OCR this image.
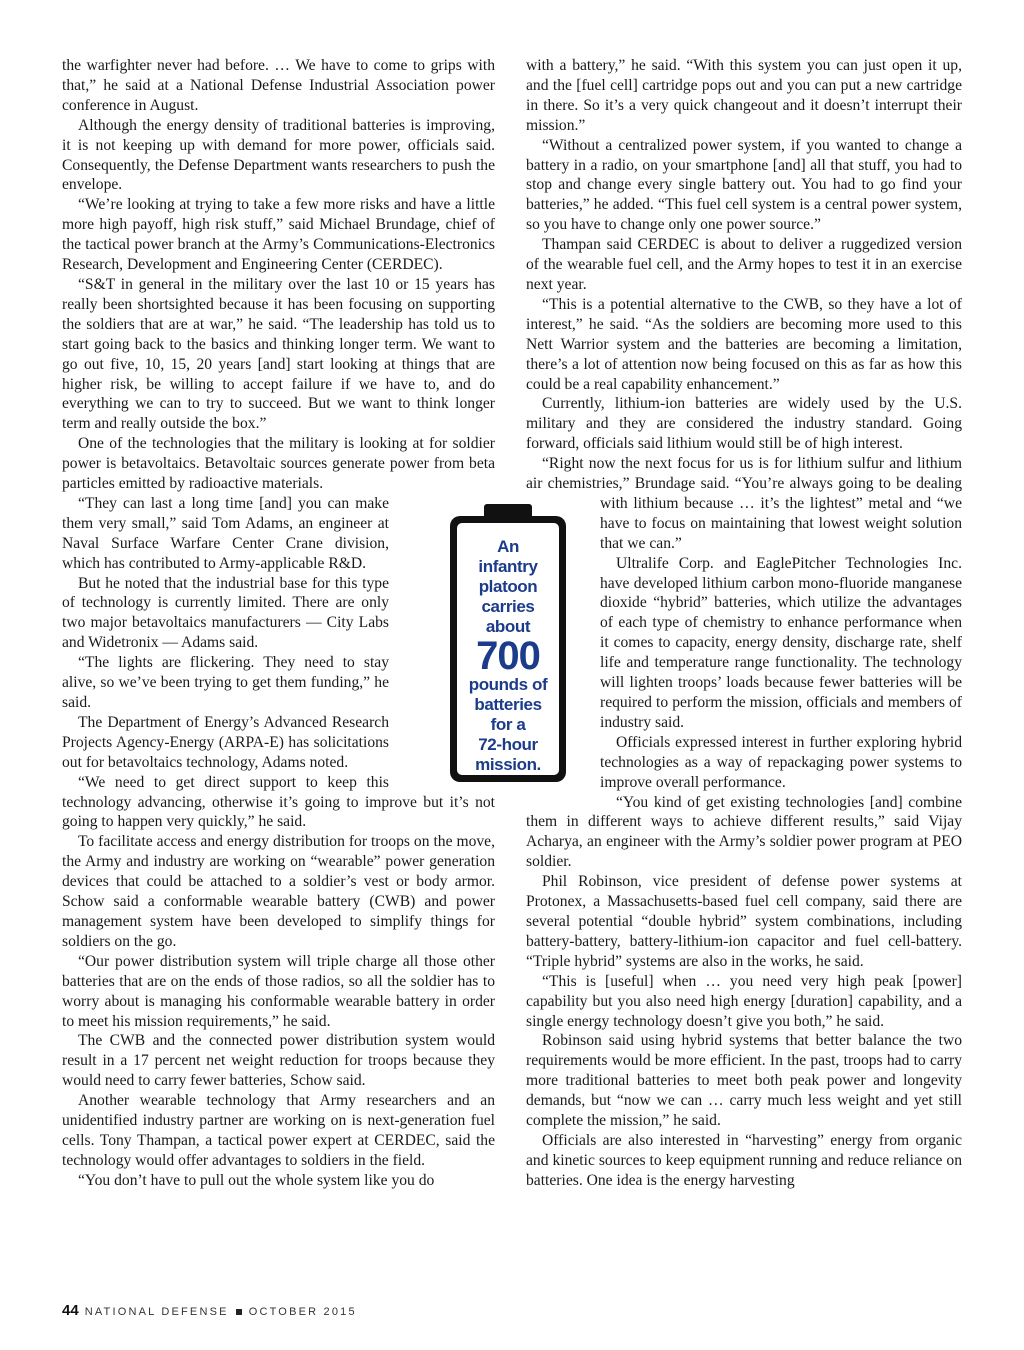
the warfighter never had before. … We have to come to grips with that,” he said at a National Defense Industrial Association power conference in August.

Although the energy density of traditional batteries is improving, it is not keeping up with demand for more power, officials said. Consequently, the Defense Department wants researchers to push the envelope.

“We’re looking at trying to take a few more risks and have a little more high payoff, high risk stuff,” said Michael Brundage, chief of the tactical power branch at the Army’s Communications-Electronics Research, Development and Engineering Center (CERDEC).

“S&T in general in the military over the last 10 or 15 years has really been shortsighted because it has been focusing on supporting the soldiers that are at war,” he said. “The leadership has told us to start going back to the basics and thinking longer term. We want to go out five, 10, 15, 20 years [and] start looking at things that are higher risk, be willing to accept failure if we have to, and do everything we can to try to succeed. But we want to think longer term and really outside the box.”

One of the technologies that the military is looking at for soldier power is betavoltaics. Betavoltaic sources generate power from beta particles emitted by radioactive materials.

“They can last a long time [and] you can make them very small,” said Tom Adams, an engineer at Naval Surface Warfare Center Crane division, which has contributed to Army-applicable R&D.

But he noted that the industrial base for this type of technology is currently limited. There are only two major betavoltaics manufacturers — City Labs and Widetronix — Adams said.

“The lights are flickering. They need to stay alive, so we’ve been trying to get them funding,” he said.

The Department of Energy’s Advanced Research Projects Agency-Energy (ARPA-E) has solicitations out for betavoltaics technology, Adams noted.

“We need to get direct support to keep this technology advancing, otherwise it’s going to improve but it’s not going to happen very quickly,” he said.

To facilitate access and energy distribution for troops on the move, the Army and industry are working on “wearable” power generation devices that could be attached to a soldier’s vest or body armor. Schow said a conformable wearable battery (CWB) and power management system have been developed to simplify things for soldiers on the go.

“Our power distribution system will triple charge all those other batteries that are on the ends of those radios, so all the soldier has to worry about is managing his conformable wearable battery in order to meet his mission requirements,” he said.

The CWB and the connected power distribution system would result in a 17 percent net weight reduction for troops because they would need to carry fewer batteries, Schow said.

Another wearable technology that Army researchers and an unidentified industry partner are working on is next-generation fuel cells. Tony Thampan, a tactical power expert at CERDEC, said the technology would offer advantages to soldiers in the field.

“You don’t have to pull out the whole system like you do

with a battery,” he said. “With this system you can just open it up, and the [fuel cell] cartridge pops out and you can put a new cartridge in there. So it’s a very quick changeout and it doesn’t interrupt their mission.”

“Without a centralized power system, if you wanted to change a battery in a radio, on your smartphone [and] all that stuff, you had to stop and change every single battery out. You had to go find your batteries,” he added. “This fuel cell system is a central power system, so you have to change only one power source.”

Thampan said CERDEC is about to deliver a ruggedized version of the wearable fuel cell, and the Army hopes to test it in an exercise next year.

“This is a potential alternative to the CWB, so they have a lot of interest,” he said. “As the soldiers are becoming more used to this Nett Warrior system and the batteries are becoming a limitation, there’s a lot of attention now being focused on this as far as how this could be a real capability enhancement.”

Currently, lithium-ion batteries are widely used by the U.S. military and they are considered the industry standard. Going forward, officials said lithium would still be of high interest.

“Right now the next focus for us is for lithium sulfur and lithium air chemistries,” Brundage said. “You’re always going to be dealing with lithium because … it’s the lightest” metal and “we have to focus on maintaining that lowest weight solution that we can.”

Ultralife Corp. and EaglePitcher Technologies Inc. have developed lithium carbon mono-fluoride manganese dioxide “hybrid” batteries, which utilize the advantages of each type of chemistry to enhance performance when it comes to capacity, energy density, discharge rate, shelf life and temperature range functionality. The technology will lighten troops’ loads because fewer batteries will be required to perform the mission, officials and members of industry said.

Officials expressed interest in further exploring hybrid technologies as a way of repackaging power systems to improve overall performance.

“You kind of get existing technologies [and] combine them in different ways to achieve different results,” said Vijay Acharya, an engineer with the Army’s soldier power program at PEO soldier.

Phil Robinson, vice president of defense power systems at Protonex, a Massachusetts-based fuel cell company, said there are several potential “double hybrid” system combinations, including battery-battery, battery-lithium-ion capacitor and fuel cell-battery. “Triple hybrid” systems are also in the works, he said.

“This is [useful] when … you need very high peak [power] capability but you also need high energy [duration] capability, and a single energy technology doesn’t give you both,” he said.

Robinson said using hybrid systems that better balance the two requirements would be more efficient. In the past, troops had to carry more traditional batteries to meet both peak power and longevity demands, but “now we can … carry much less weight and yet still complete the mission,” he said.

Officials are also interested in “harvesting” energy from organic and kinetic sources to keep equipment running and reduce reliance on batteries. One idea is the energy harvesting

An
infantry
platoon
carries
about
700
pounds of
batteries
for a
72-hour
mission.
44 NATIONAL DEFENSE OCTOBER 2015
